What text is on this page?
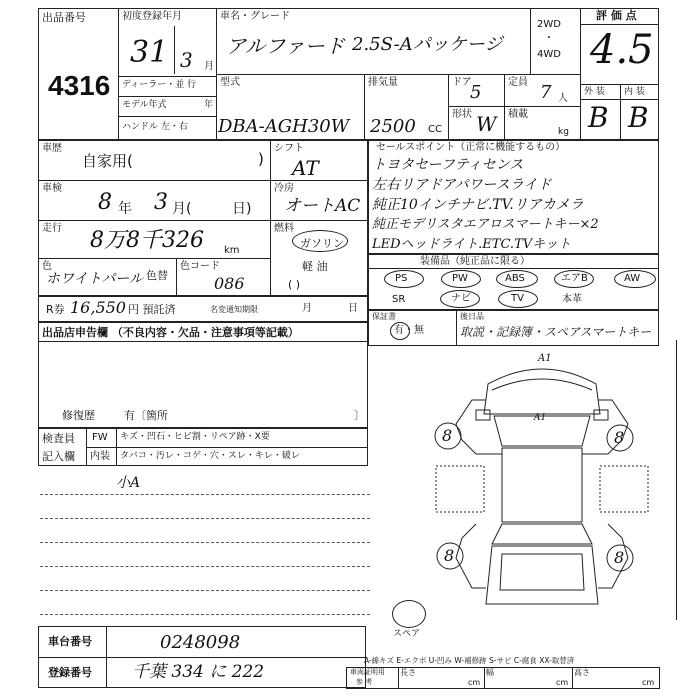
出品番号
4316
初度登録年月
31 3 月
ディーラー・並 行
モデル年式	年
ハンドル 左・右
車名・グレード
アルファード 2.5S-Aパッケージ
2WD
・
4WD
型式
DBA-AGH30W
排気量
2500 CC
ドア
5
形状 W
定員 7 人
積載
kg
評 価 点
4.5
外 装 内 装
B B
車歴
自家用(	)
車検
8 年 3 月(	日)
走行 8万8千326 km
色
ホワイトパール 色替
色コード
086
シフト
AT
冷房
オートAC
燃料
ガソリン
軽 油
( )
セールスポイント（正常に機能するもの）
トヨタセーフティセンス
左右リアドアパワースライド
純正10インチナビ.TV.リアカメラ
純正モデリスタエアロスマートキー×2
LEDヘッドライト.ETC.TVキット
装備品（純正品に限る）
PS	PW	ABS	エアB	AW
SR	ナビ	TV	本革
R券 16,550 円 預託済	名変通知期限	月	日
保証書
有・無
後日品
取説・記録簿・スペアスマートキー
出品店申告欄 （不良内容・欠品・注意事項等記載）
修復歴	有〔箇所	〕
検査員
記入欄
FW キズ・凹石・ヒビ割・リペア跡・X要
内装 タバコ・汚レ・コゲ・穴・スレ・キレ・破レ
小A
8	8
8	8
A1
A1
スペア
車台番号	0248098
登録番号 千葉 334 に 222
A-線キズ E-エクボ U-凹み W-補修跡 S-サビ C-腐食 XX-取替済
車両証明用
参 考
長さ
cm
幅
cm
高さ
cm
